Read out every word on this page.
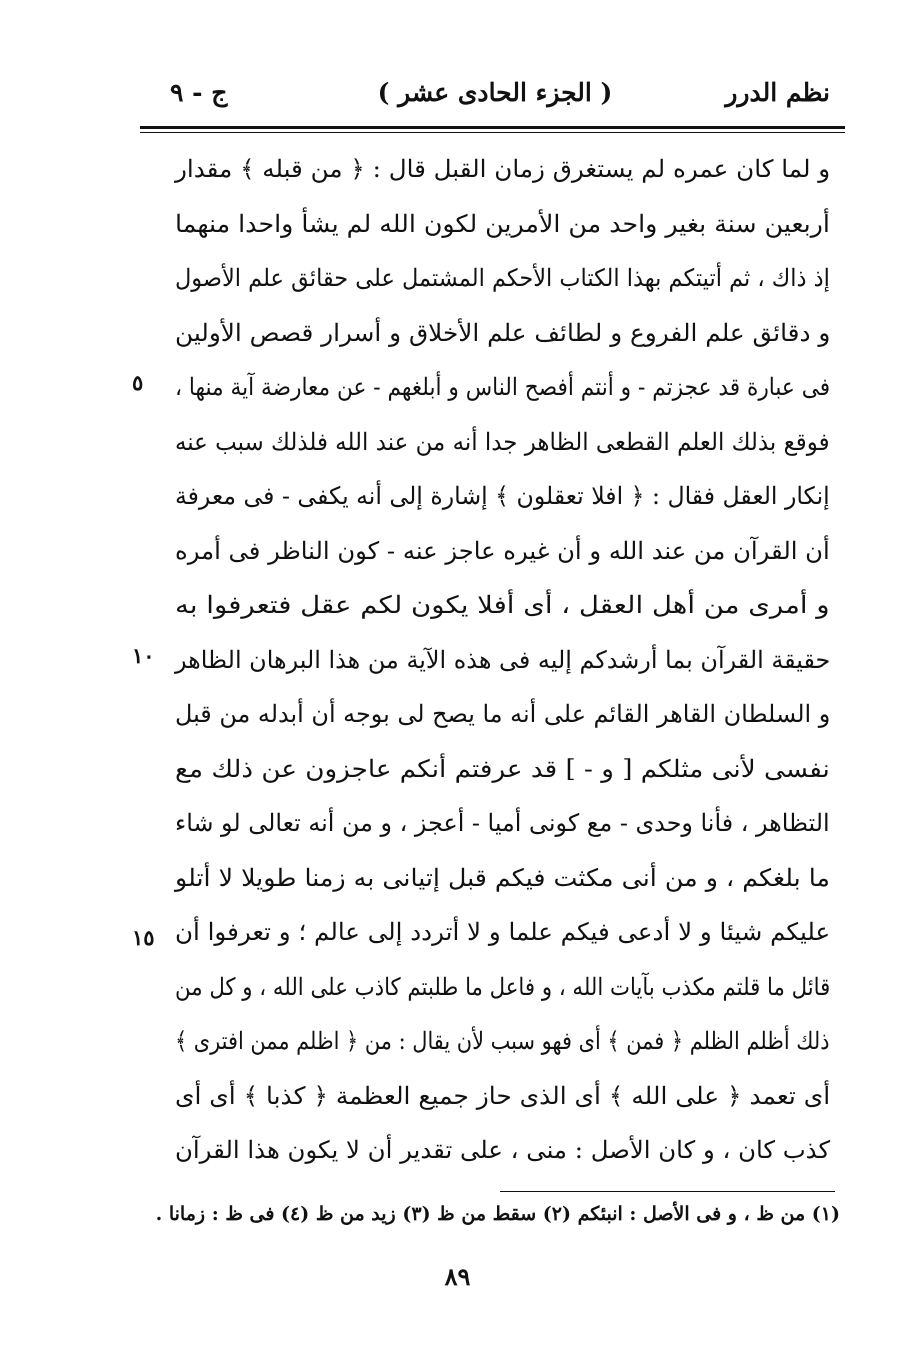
نظم الدرر
( الجزء الحادى عشر )
ج - ٩
و لما كان عمره لم يستغرق زمان القبل قال : ﴿ من قبله ﴾ مقدار
أربعين سنة بغير واحد من الأمرين لكون الله لم يشأ واحدا منهما
إذ ذاك ، ثم أتيتكم بهذا الكتاب الأحكم المشتمل على حقائق علم الأصول
و دقائق علم الفروع و لطائف علم الأخلاق و أسرار قصص الأولين
فى عبارة قد عجزتم - و أنتم أفصح الناس و أبلغهم - عن معارضة آية منها ،
فوقع بذلك العلم القطعى الظاهر جدا أنه من عند الله فلذلك سبب عنه
إنكار العقل فقال : ﴿ افلا تعقلون ﴾ إشارة إلى أنه يكفى - فى معرفة
أن القرآن من عند الله و أن غيره عاجز عنه - كون الناظر فى أمره
و أمرى من أهل العقل ، أى أفلا يكون لكم عقل فتعرفوا به
حقيقة القرآن بما أرشدكم إليه فى هذه الآية من هذا البرهان الظاهر
و السلطان القاهر القائم على أنه ما يصح لى بوجه أن أبدله من قبل
نفسى لأنى مثلكم [ و - ] قد عرفتم أنكم عاجزون عن ذلك مع
التظاهر ، فأنا وحدى - مع كونى أميا - أعجز ، و من أنه تعالى لو شاء
ما بلغكم ، و من أنى مكثت فيكم قبل إتيانى به زمنا طويلا لا أتلو
عليكم شيئا و لا أدعى فيكم علما و لا أتردد إلى عالم ؛ و تعرفوا أن
قائل ما قلتم مكذب بآيات الله ، و فاعل ما طلبتم كاذب على الله ، و كل من
ذلك أظلم الظلم ﴿ فمن ﴾ أى فهو سبب لأن يقال : من ﴿ اظلم ممن افترى ﴾
أى تعمد ﴿ على الله ﴾ أى الذى حاز جميع العظمة ﴿ كذبا ﴾ أى أى
كذب كان ، و كان الأصل : منى ، على تقدير أن لا يكون هذا القرآن
٥
١٠
١٥
(١) من ظ ، و فى الأصل : انبئكم (٢) سقط من ظ (٣) زيد من ظ (٤) فى ظ : زمانا .
٨٩
